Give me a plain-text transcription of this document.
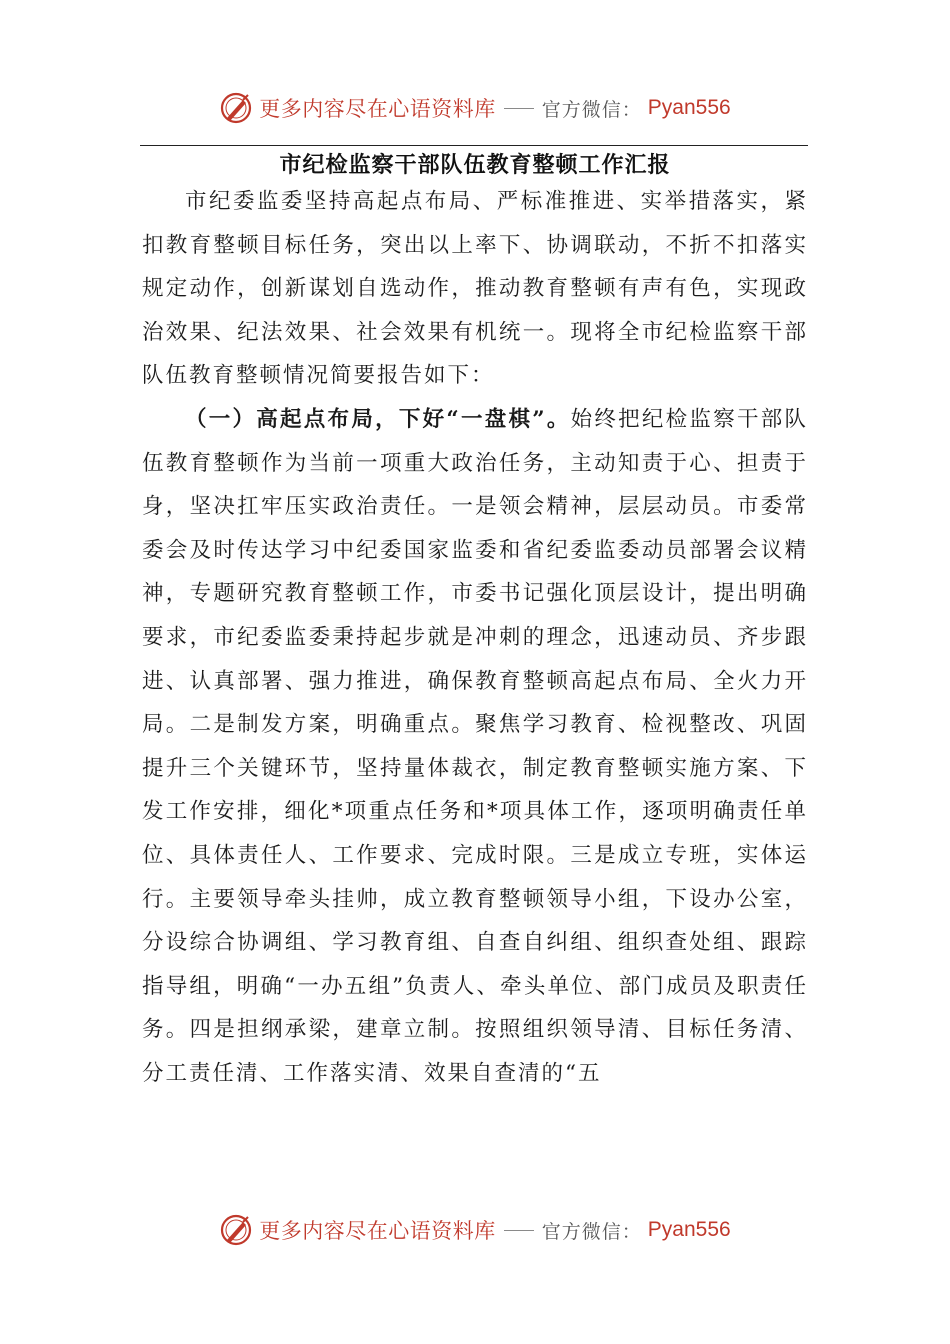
更多内容尽在心语资料库 官方微信： Pyan556
市纪检监察干部队伍教育整顿工作汇报

市纪委监委坚持高起点布局、严标准推进、实举措落实，紧扣教育整顿目标任务，突出以上率下、协调联动，不折不扣落实规定动作，创新谋划自选动作，推动教育整顿有声有色，实现政治效果、纪法效果、社会效果有机统一。现将全市纪检监察干部队伍教育整顿情况简要报告如下：

（一）高起点布局，下好“一盘棋”。始终把纪检监察干部队伍教育整顿作为当前一项重大政治任务，主动知责于心、担责于身，坚决扛牢压实政治责任。一是领会精神，层层动员。市委常委会及时传达学习中纪委国家监委和省纪委监委动员部署会议精神，专题研究教育整顿工作，市委书记强化顶层设计，提出明确要求，市纪委监委秉持起步就是冲刺的理念，迅速动员、齐步跟进、认真部署、强力推进，确保教育整顿高起点布局、全火力开局。二是制发方案，明确重点。聚焦学习教育、检视整改、巩固提升三个关键环节，坚持量体裁衣，制定教育整顿实施方案、下发工作安排，细化*项重点任务和*项具体工作，逐项明确责任单位、具体责任人、工作要求、完成时限。三是成立专班，实体运行。主要领导牵头挂帅，成立教育整顿领导小组，下设办公室，分设综合协调组、学习教育组、自查自纠组、组织查处组、跟踪指导组，明确“一办五组”负责人、牵头单位、部门成员及职责任务。四是担纲承梁，建章立制。按照组织领导清、目标任务清、分工责任清、工作落实清、效果自查清的“五

更多内容尽在心语资料库 官方微信： Pyan556
